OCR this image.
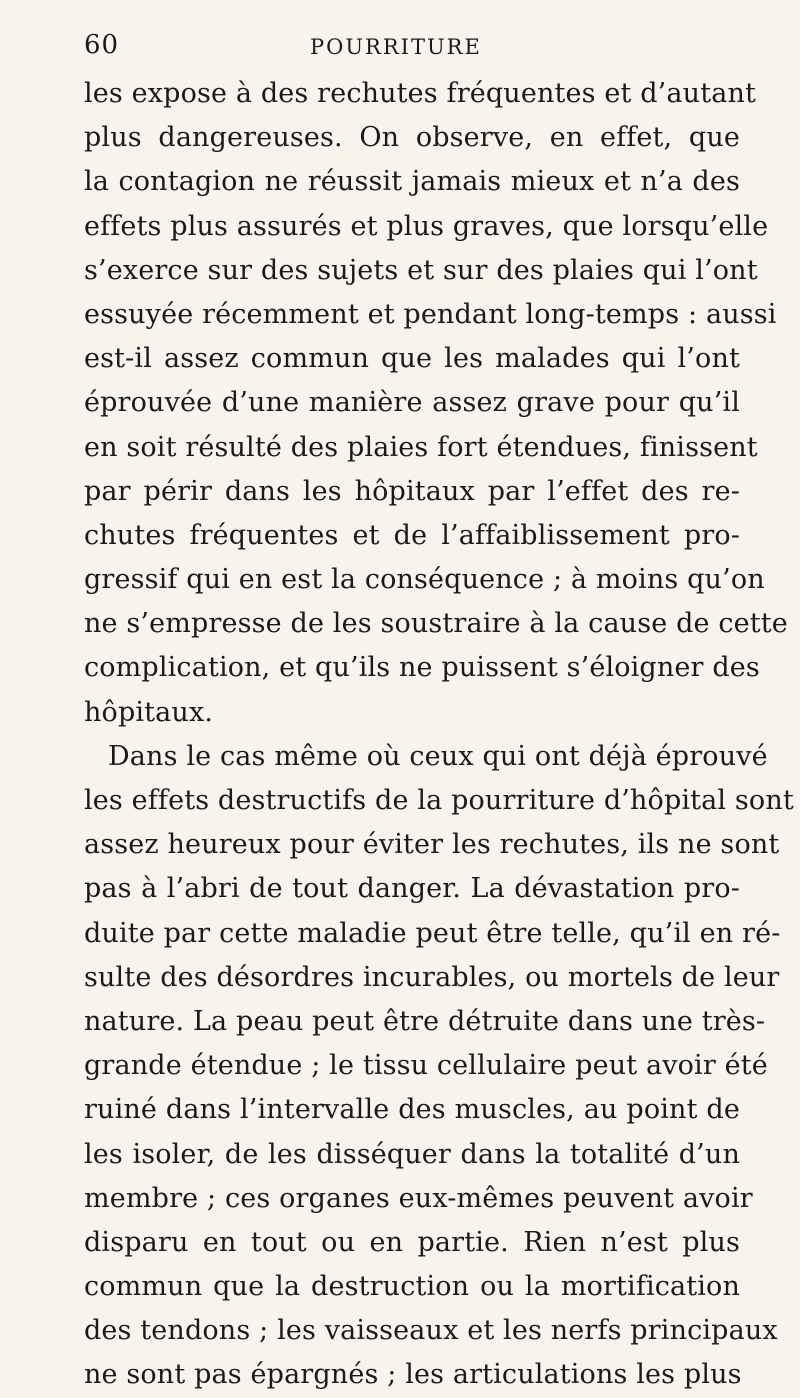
60	POURRITURE
les expose à des rechutes fréquentes et d’autant
plus dangereuses. On observe, en effet, que
la contagion ne réussit jamais mieux et n’a des
effets plus assurés et plus graves, que lorsqu’elle
s’exerce sur des sujets et sur des plaies qui l’ont
essuyée récemment et pendant long-temps : aussi
est-il assez commun que les malades qui l’ont
éprouvée d’une manière assez grave pour qu’il
en soit résulté des plaies fort étendues, finissent
par périr dans les hôpitaux par l’effet des re-
chutes fréquentes et de l’affaiblissement pro-
gressif qui en est la conséquence ; à moins qu’on
ne s’empresse de les soustraire à la cause de cette
complication, et qu’ils ne puissent s’éloigner des
hôpitaux.
Dans le cas même où ceux qui ont déjà éprouvé
les effets destructifs de la pourriture d’hôpital sont
assez heureux pour éviter les rechutes, ils ne sont
pas à l’abri de tout danger. La dévastation pro-
duite par cette maladie peut être telle, qu’il en ré-
sulte des désordres incurables, ou mortels de leur
nature. La peau peut être détruite dans une très-
grande étendue ; le tissu cellulaire peut avoir été
ruiné dans l’intervalle des muscles, au point de
les isoler, de les disséquer dans la totalité d’un
membre ; ces organes eux-mêmes peuvent avoir
disparu en tout ou en partie. Rien n’est plus
commun que la destruction ou la mortification
des tendons ; les vaisseaux et les nerfs principaux
ne sont pas épargnés ; les articulations les plus
